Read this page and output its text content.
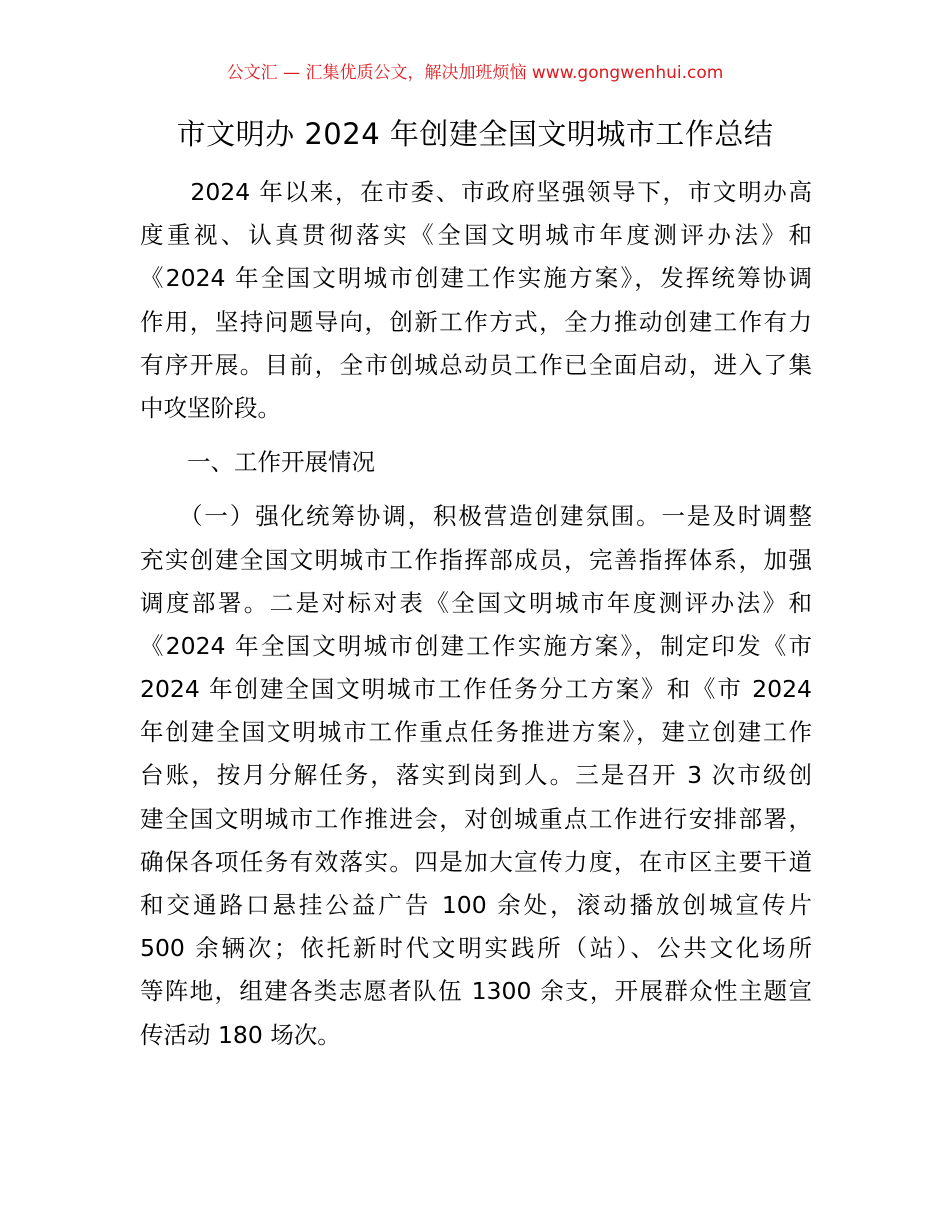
公文汇 — 汇集优质公文，解决加班烦恼 www.gongwenhui.com
市文明办 2024 年创建全国文明城市工作总结
　　2024 年以来，在市委、市政府坚强领导下，市文明办高
度重视、认真贯彻落实《全国文明城市年度测评办法》和
《2024 年全国文明城市创建工作实施方案》，发挥统筹协调
作用，坚持问题导向，创新工作方式，全力推动创建工作有力
有序开展。目前，全市创城总动员工作已全面启动，进入了集
中攻坚阶段。
　　一、工作开展情况
　　（一）强化统筹协调，积极营造创建氛围。一是及时调整
充实创建全国文明城市工作指挥部成员，完善指挥体系，加强
调度部署。二是对标对表《全国文明城市年度测评办法》和
《2024 年全国文明城市创建工作实施方案》，制定印发《市
2024 年创建全国文明城市工作任务分工方案》和《市 2024
年创建全国文明城市工作重点任务推进方案》，建立创建工作
台账，按月分解任务，落实到岗到人。三是召开 3 次市级创
建全国文明城市工作推进会，对创城重点工作进行安排部署，
确保各项任务有效落实。四是加大宣传力度，在市区主要干道
和交通路口悬挂公益广告 100 余处，滚动播放创城宣传片
500 余辆次；依托新时代文明实践所（站）、公共文化场所
等阵地，组建各类志愿者队伍 1300 余支，开展群众性主题宣
传活动 180 场次。
